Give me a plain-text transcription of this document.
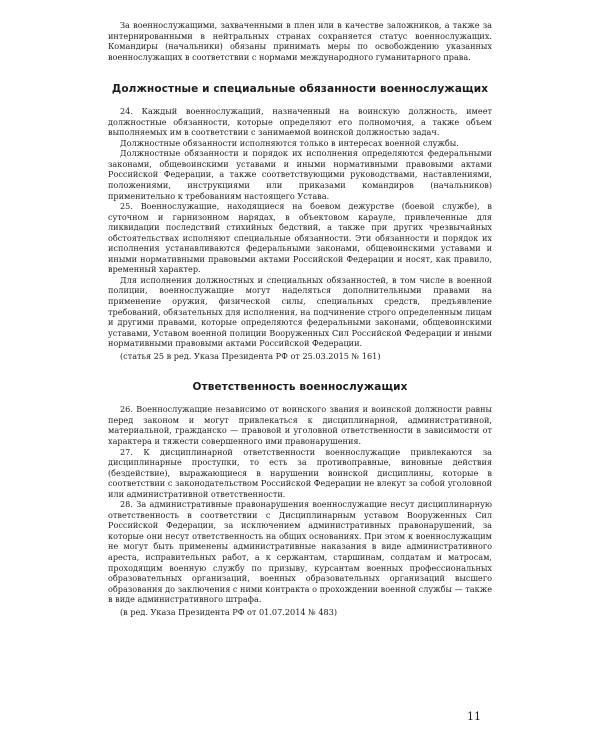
За военнослужащими, захваченными в плен или в качестве заложников, а также за интернированными в нейтральных странах сохраняется статус военнослужащих. Командиры (начальники) обязаны принимать меры по освобождению указанных военнослужащих в соответствии с нормами международного гуманитарного права.

Должностные и специальные обязанности военнослужащих

24. Каждый военнослужащий, назначенный на воинскую должность, имеет должностные обязанности, которые определяют его полномочия, а также объем выполняемых им в соответствии с занимаемой воинской должностью задач.

Должностные обязанности исполняются только в интересах военной службы.

Должностные обязанности и порядок их исполнения определяются федеральными законами, общевоинскими уставами и иными нормативными правовыми актами Российской Федерации, а также соответствующими руководствами, наставлениями, положениями, инструкциями или приказами командиров (начальников) применительно к требованиям настоящего Устава.

25. Военнослужащие, находящиеся на боевом дежурстве (боевой службе), в суточном и гарнизонном нарядах, в объектовом карауле, привлеченные для ликвидации последствий стихийных бедствий, а также при других чрезвычайных обстоятельствах исполняют специальные обязанности. Эти обязанности и порядок их исполнения устанавливаются федеральными законами, общевоинскими уставами и иными нормативными правовыми актами Российской Федерации и носят, как правило, временный характер.

Для исполнения должностных и специальных обязанностей, в том числе в военной полиции, военнослужащие могут наделяться дополнительными правами на применение оружия, физической силы, специальных средств, предъявление требований, обязательных для исполнения, на подчинение строго определенным лицам и другими правами, которые определяются федеральными законами, общевоинскими уставами, Уставом военной полиции Вооруженных Сил Российской Федерации и иными нормативными правовыми актами Российской Федерации.

(статья 25 в ред. Указа Президента РФ от 25.03.2015 № 161)

Ответственность военнослужащих

26. Военнослужащие независимо от воинского звания и воинской должности равны перед законом и могут привлекаться к дисциплинарной, административной, материальной, гражданско — правовой и уголовной ответственности в зависимости от характера и тяжести совершенного ими правонарушения.

27. К дисциплинарной ответственности военнослужащие привлекаются за дисциплинарные проступки, то есть за противоправные, виновные действия (бездействие), выражающиеся в нарушении воинской дисциплины, которые в соответствии с законодательством Российской Федерации не влекут за собой уголовной или административной ответственности.

28. За административные правонарушения военнослужащие несут дисциплинарную ответственность в соответствии с Дисциплинарным уставом Вооруженных Сил Российской Федерации, за исключением административных правонарушений, за которые они несут ответственность на общих основаниях. При этом к военнослужащим не могут быть применены административные наказания в виде административного ареста, исправительных работ, а к сержантам, старшинам, солдатам и матросам, проходящим военную службу по призыву, курсантам военных профессиональных образовательных организаций, военных образовательных организаций высшего образования до заключения с ними контракта о прохождении военной службы — также в виде административного штрафа.

(в ред. Указа Президента РФ от 01.07.2014 № 483)

11
